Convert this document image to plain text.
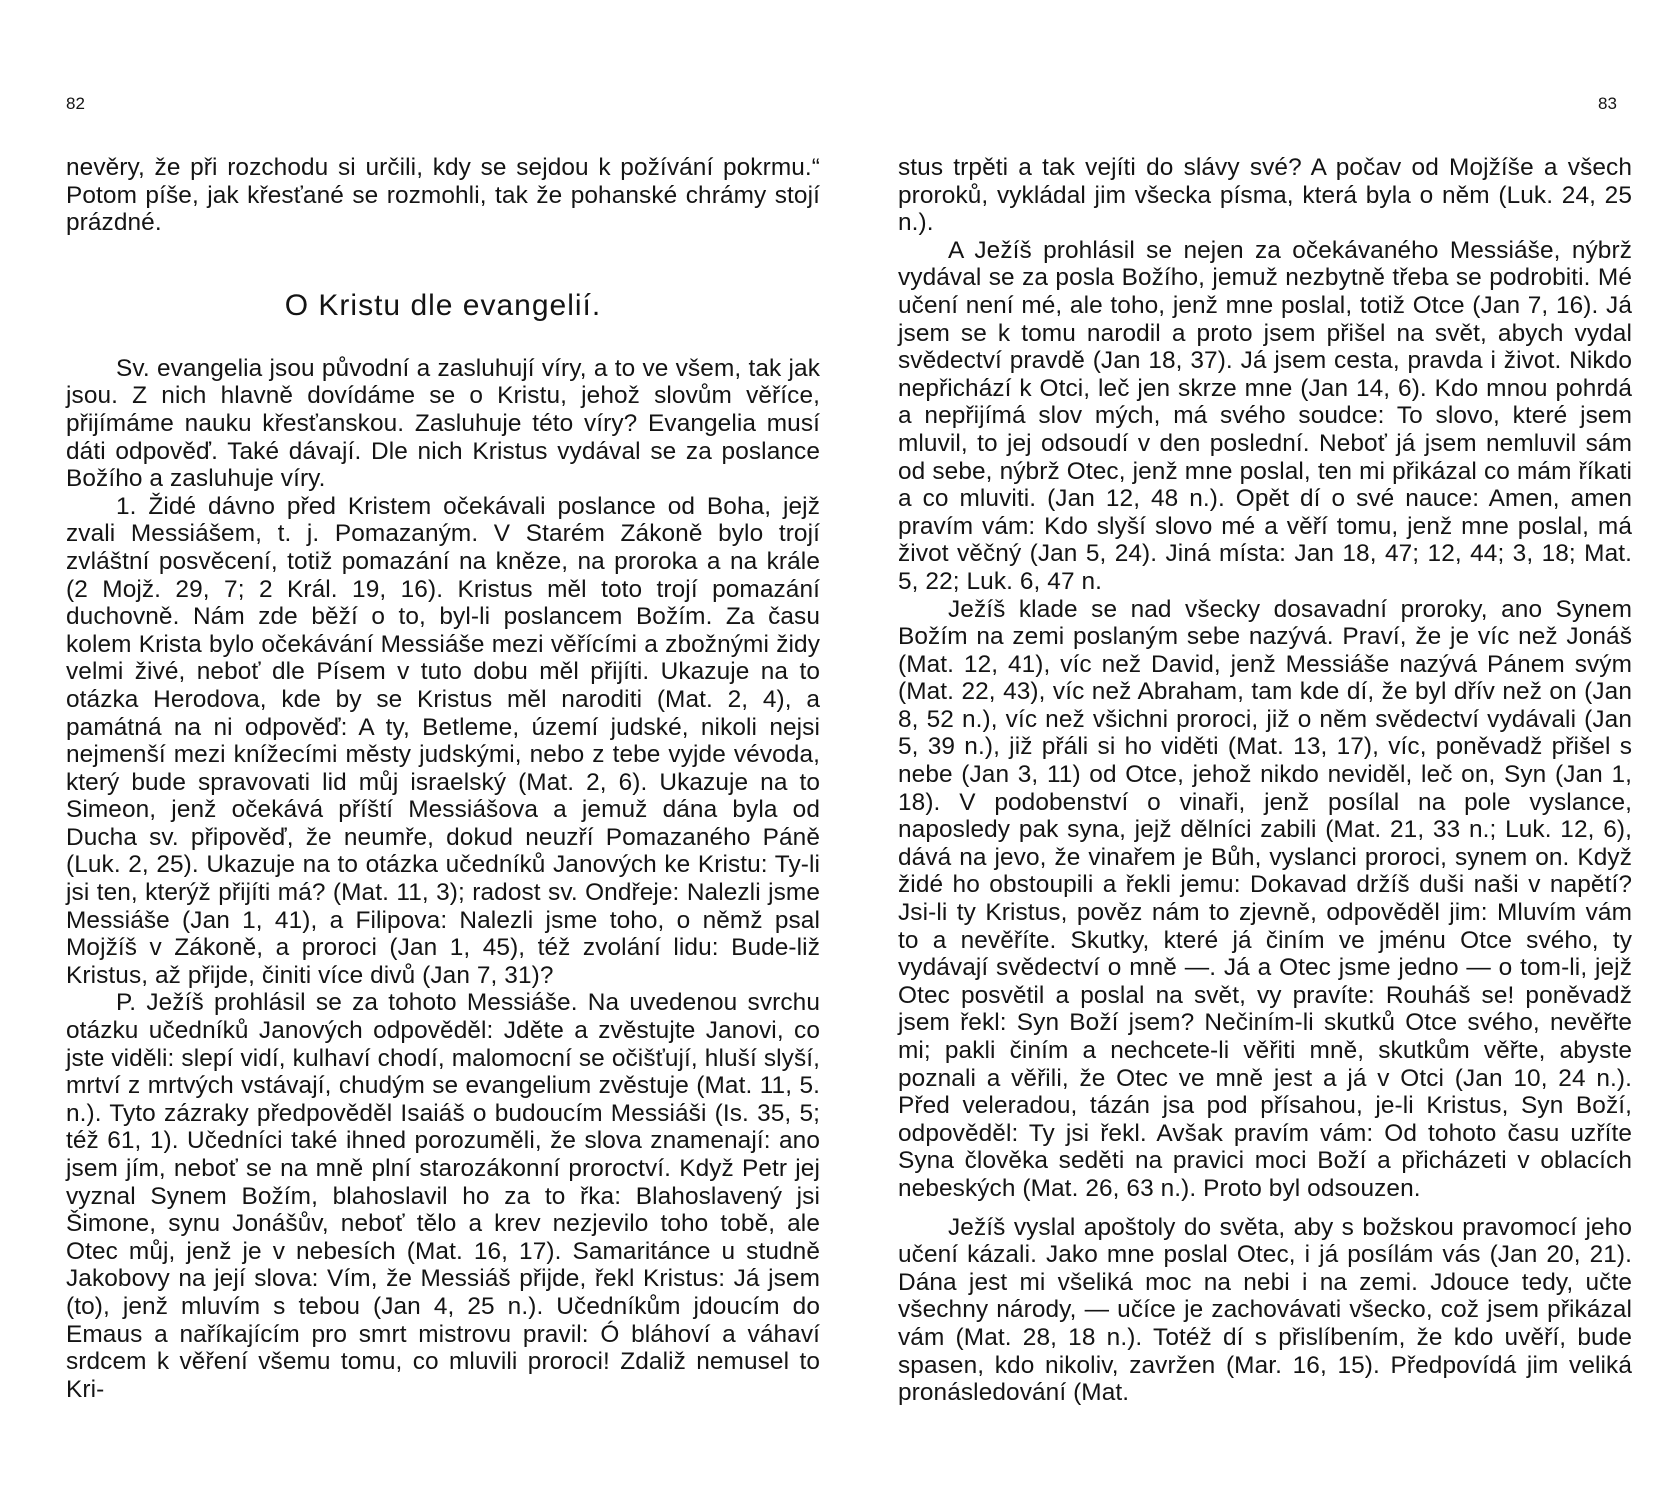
82	83

nevěry, že při rozchodu si určili, kdy se sejdou k požívání pokrmu.“ Potom píše, jak křesťané se rozmohli, tak že pohanské chrámy stojí prázdné.

O Kristu dle evangelií.

Sv. evangelia jsou původní a zasluhují víry, a to ve všem, tak jak jsou. Z nich hlavně dovídáme se o Kristu, jehož slovům věříce, přijímáme nauku křesťanskou. Zasluhuje této víry? Evangelia musí dáti odpověď. Také dávají. Dle nich Kristus vydával se za poslance Božího a zasluhuje víry.

1. Židé dávno před Kristem očekávali poslance od Boha, jejž zvali Messiášem, t. j. Pomazaným. V Starém Zákoně bylo trojí zvláštní posvěcení, totiž pomazání na kněze, na proroka a na krále (2 Mojž. 29, 7; 2 Král. 19, 16). Kristus měl toto trojí pomazání duchovně. Nám zde běží o to, byl-li poslancem Božím. Za času kolem Krista bylo očekávání Messiáše mezi věřícími a zbožnými židy velmi živé, neboť dle Písem v tuto dobu měl přijíti. Ukazuje na to otázka Herodova, kde by se Kristus měl naroditi (Mat. 2, 4), a památná na ni odpověď: A ty, Betleme, území judské, nikoli nejsi nejmenší mezi knížecími městy judskými, nebo z tebe vyjde vévoda, který bude spravovati lid můj israelský (Mat. 2, 6). Ukazuje na to Simeon, jenž očekává příští Messiášova a jemuž dána byla od Ducha sv. připověď, že neumře, dokud neuzří Pomazaného Páně (Luk. 2, 25). Ukazuje na to otázka učedníků Janových ke Kristu: Ty-li jsi ten, kterýž přijíti má? (Mat. 11, 3); radost sv. Ondřeje: Nalezli jsme Messiáše (Jan 1, 41), a Filipova: Nalezli jsme toho, o němž psal Mojžíš v Zákoně, a proroci (Jan 1, 45), též zvolání lidu: Bude-liž Kristus, až přijde, činiti více divů (Jan 7, 31)?

P. Ježíš prohlásil se za tohoto Messiáše. Na uvedenou svrchu otázku učedníků Janových odpověděl: Jděte a zvěstujte Janovi, co jste viděli: slepí vidí, kulhaví chodí, malomocní se očišťují, hluší slyší, mrtví z mrtvých vstávají, chudým se evangelium zvěstuje (Mat. 11, 5. n.). Tyto zázraky předpověděl Isaiáš o budoucím Messiáši (Is. 35, 5; též 61, 1). Učedníci také ihned porozuměli, že slova znamenají: ano jsem jím, neboť se na mně plní starozákonní proroctví. Když Petr jej vyznal Synem Božím, blahoslavil ho za to řka: Blahoslavený jsi Šimone, synu Jonášův, neboť tělo a krev nezjevilo toho tobě, ale Otec můj, jenž je v nebesích (Mat. 16, 17). Samaritánce u studně Jakobovy na její slova: Vím, že Messiáš přijde, řekl Kristus: Já jsem (to), jenž mluvím s tebou (Jan 4, 25 n.). Učedníkům jdoucím do Emaus a naříkajícím pro smrt mistrovu pravil: Ó bláhoví a váhaví srdcem k věření všemu tomu, co mluvili proroci! Zdaliž nemusel to Kri-

stus trpěti a tak vejíti do slávy své? A počav od Mojžíše a všech proroků, vykládal jim všecka písma, která byla o něm (Luk. 24, 25 n.).

A Ježíš prohlásil se nejen za očekávaného Messiáše, nýbrž vydával se za posla Božího, jemuž nezbytně třeba se podrobiti. Mé učení není mé, ale toho, jenž mne poslal, totiž Otce (Jan 7, 16). Já jsem se k tomu narodil a proto jsem přišel na svět, abych vydal svědectví pravdě (Jan 18, 37). Já jsem cesta, pravda i život. Nikdo nepřichází k Otci, leč jen skrze mne (Jan 14, 6). Kdo mnou pohrdá a nepřijímá slov mých, má svého soudce: To slovo, které jsem mluvil, to jej odsoudí v den poslední. Neboť já jsem nemluvil sám od sebe, nýbrž Otec, jenž mne poslal, ten mi přikázal co mám říkati a co mluviti. (Jan 12, 48 n.). Opět dí o své nauce: Amen, amen pravím vám: Kdo slyší slovo mé a věří tomu, jenž mne poslal, má život věčný (Jan 5, 24). Jiná místa: Jan 18, 47; 12, 44; 3, 18; Mat. 5, 22; Luk. 6, 47 n.

Ježíš klade se nad všecky dosavadní proroky, ano Synem Božím na zemi poslaným sebe nazývá. Praví, že je víc než Jonáš (Mat. 12, 41), víc než David, jenž Messiáše nazývá Pánem svým (Mat. 22, 43), víc než Abraham, tam kde dí, že byl dřív než on (Jan 8, 52 n.), víc než všichni proroci, již o něm svědectví vydávali (Jan 5, 39 n.), již přáli si ho viděti (Mat. 13, 17), víc, poněvadž přišel s nebe (Jan 3, 11) od Otce, jehož nikdo neviděl, leč on, Syn (Jan 1, 18). V podobenství o vinaři, jenž posílal na pole vyslance, naposledy pak syna, jejž dělníci zabili (Mat. 21, 33 n.; Luk. 12, 6), dává na jevo, že vinařem je Bůh, vyslanci proroci, synem on. Když židé ho obstoupili a řekli jemu: Dokavad držíš duši naši v napětí? Jsi-li ty Kristus, pověz nám to zjevně, odpověděl jim: Mluvím vám to a nevěříte. Skutky, které já činím ve jménu Otce svého, ty vydávají svědectví o mně —. Já a Otec jsme jedno — o tom-li, jejž Otec posvětil a poslal na svět, vy pravíte: Rouháš se! poněvadž jsem řekl: Syn Boží jsem? Nečiním-li skutků Otce svého, nevěřte mi; pakli činím a nechcete-li věřiti mně, skutkům věřte, abyste poznali a věřili, že Otec ve mně jest a já v Otci (Jan 10, 24 n.). Před veleradou, tázán jsa pod přísahou, je-li Kristus, Syn Boží, odpověděl: Ty jsi řekl. Avšak pravím vám: Od tohoto času uzříte Syna člověka seděti na pravici moci Boží a přicházeti v oblacích nebeských (Mat. 26, 63 n.). Proto byl odsouzen.

Ježíš vyslal apoštoly do světa, aby s božskou pravomocí jeho učení kázali. Jako mne poslal Otec, i já posílám vás (Jan 20, 21). Dána jest mi všeliká moc na nebi i na zemi. Jdouce tedy, učte všechny národy, — učíce je zachovávati všecko, což jsem přikázal vám (Mat. 28, 18 n.). Totéž dí s přislíbením, že kdo uvěří, bude spasen, kdo nikoliv, zavržen (Mar. 16, 15). Předpovídá jim veliká pronásledování (Mat.
